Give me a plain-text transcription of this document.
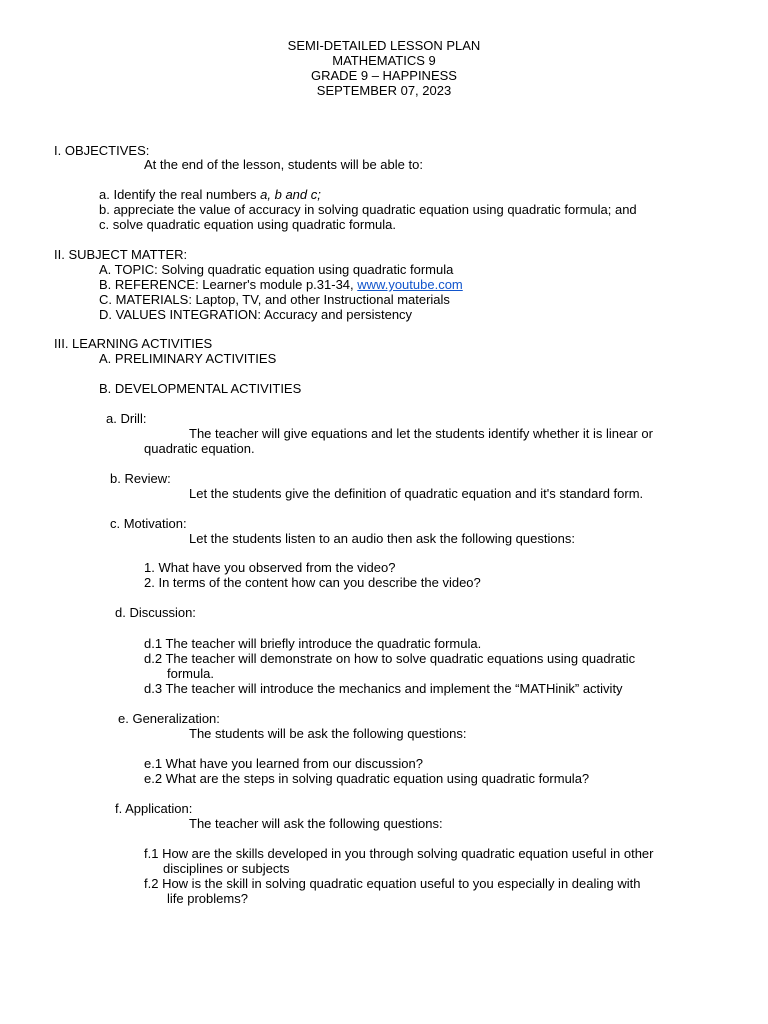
SEMI-DETAILED LESSON PLAN
MATHEMATICS 9
GRADE 9 – HAPPINESS
SEPTEMBER 07, 2023
I. OBJECTIVES:
At the end of the lesson, students will be able to:
a. Identify the real numbers a, b and c;
b. appreciate the value of accuracy in solving quadratic equation using quadratic formula; and
c. solve quadratic equation using quadratic formula.
II. SUBJECT MATTER:
A. TOPIC: Solving quadratic equation using quadratic formula
B. REFERENCE: Learner's module p.31-34, www.youtube.com
C. MATERIALS: Laptop, TV, and other Instructional materials
D. VALUES INTEGRATION: Accuracy and persistency
III. LEARNING ACTIVITIES
A. PRELIMINARY ACTIVITIES
B. DEVELOPMENTAL ACTIVITIES
a. Drill:
The teacher will give equations and let the students identify whether it is linear or
quadratic equation.
b. Review:
Let the students give the definition of quadratic equation and it's standard form.
c. Motivation:
Let the students listen to an audio then ask the following questions:
1. What have you observed from the video?
2. In terms of the content how can you describe the video?
d. Discussion:
d.1 The teacher will briefly introduce the quadratic formula.
d.2 The teacher will demonstrate on how to solve quadratic equations using quadratic
formula.
d.3 The teacher will introduce the mechanics and implement the “MATHinik” activity
e. Generalization:
The students will be ask the following questions:
e.1 What have you learned from our discussion?
e.2 What are the steps in solving quadratic equation using quadratic formula?
f. Application:
The teacher will ask the following questions:
f.1 How are the skills developed in you through solving quadratic equation useful in other
disciplines or subjects
f.2 How is the skill in solving quadratic equation useful to you especially in dealing with
life problems?
